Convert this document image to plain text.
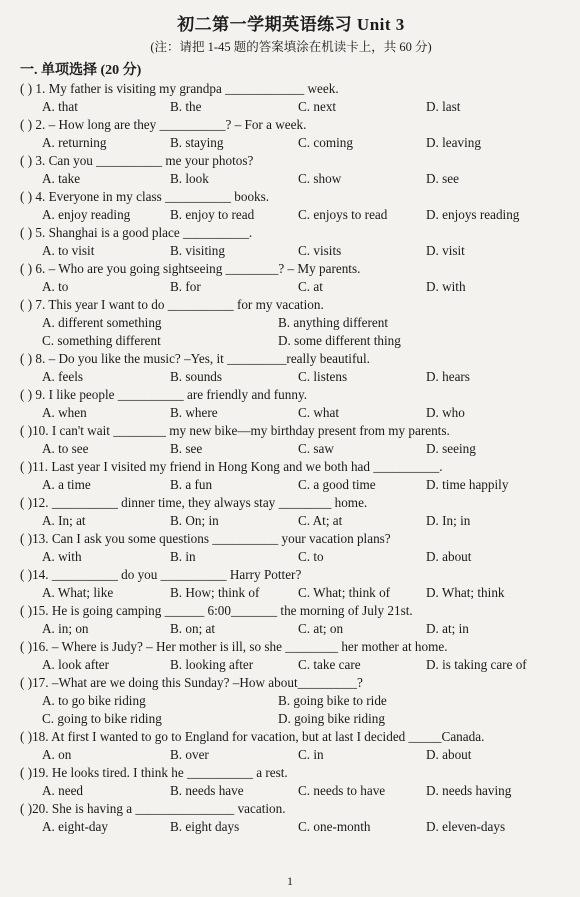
初二第一学期英语练习 Unit 3
(注：请把 1-45 题的答案填涂在机读卡上，共 60 分)
一. 单项选择 (20 分)
( ) 1. My father is visiting my grandpa ____________ week.
A. that	B. the	C. next	D. last
( ) 2. – How long are they __________? – For a week.
A. returning	B. staying	C. coming	D. leaving
( ) 3. Can you __________ me your photos?
A. take	B. look	C. show	D. see
( ) 4. Everyone in my class __________ books.
A. enjoy reading	B. enjoy to read	C. enjoys to read	D. enjoys reading
( ) 5. Shanghai is a good place __________.
A. to visit	B. visiting	C. visits	D. visit
( ) 6. – Who are you going sightseeing ________? – My parents.
A. to	B. for	C. at	D. with
( ) 7. This year I want to do __________ for my vacation.
A. different something	B. anything different
C. something different	D. some different thing
( ) 8. – Do you like the music? –Yes, it _________really beautiful.
A. feels	B. sounds	C. listens	D. hears
( ) 9. I like people __________ are friendly and funny.
A. when	B. where	C. what	D. who
( )10. I can't wait ________ my new bike—my birthday present from my parents.
A. to see	B. see	C. saw	D. seeing
( )11. Last year I visited my friend in Hong Kong and we both had __________.
A. a time	B. a fun	C. a good time	D. time happily
( )12. __________ dinner time, they always stay ________ home.
A. In; at	B. On; in	C. At; at	D. In; in
( )13. Can I ask you some questions __________ your vacation plans?
A. with	B. in	C. to	D. about
( )14. __________ do you __________ Harry Potter?
A. What; like	B. How; think of	C. What; think of	D. What; think
( )15. He is going camping ______ 6:00_______ the morning of July 21st.
A. in; on	B. on; at	C. at; on	D. at; in
( )16. – Where is Judy? – Her mother is ill, so she ________ her mother at home.
A. look after	B. looking after	C. take care	D. is taking care of
( )17. –What are we doing this Sunday? –How about_________?
A. to go bike riding	B. going bike to ride
C. going to bike riding	D. going bike riding
( )18. At first I wanted to go to England for vacation, but at last I decided _____Canada.
A. on	B. over	C. in	D. about
( )19. He looks tired. I think he __________ a rest.
A. need	B. needs have	C. needs to have	D. needs having
( )20. She is having a _______________ vacation.
A. eight-day	B. eight days	C. one-month	D. eleven-days
1
